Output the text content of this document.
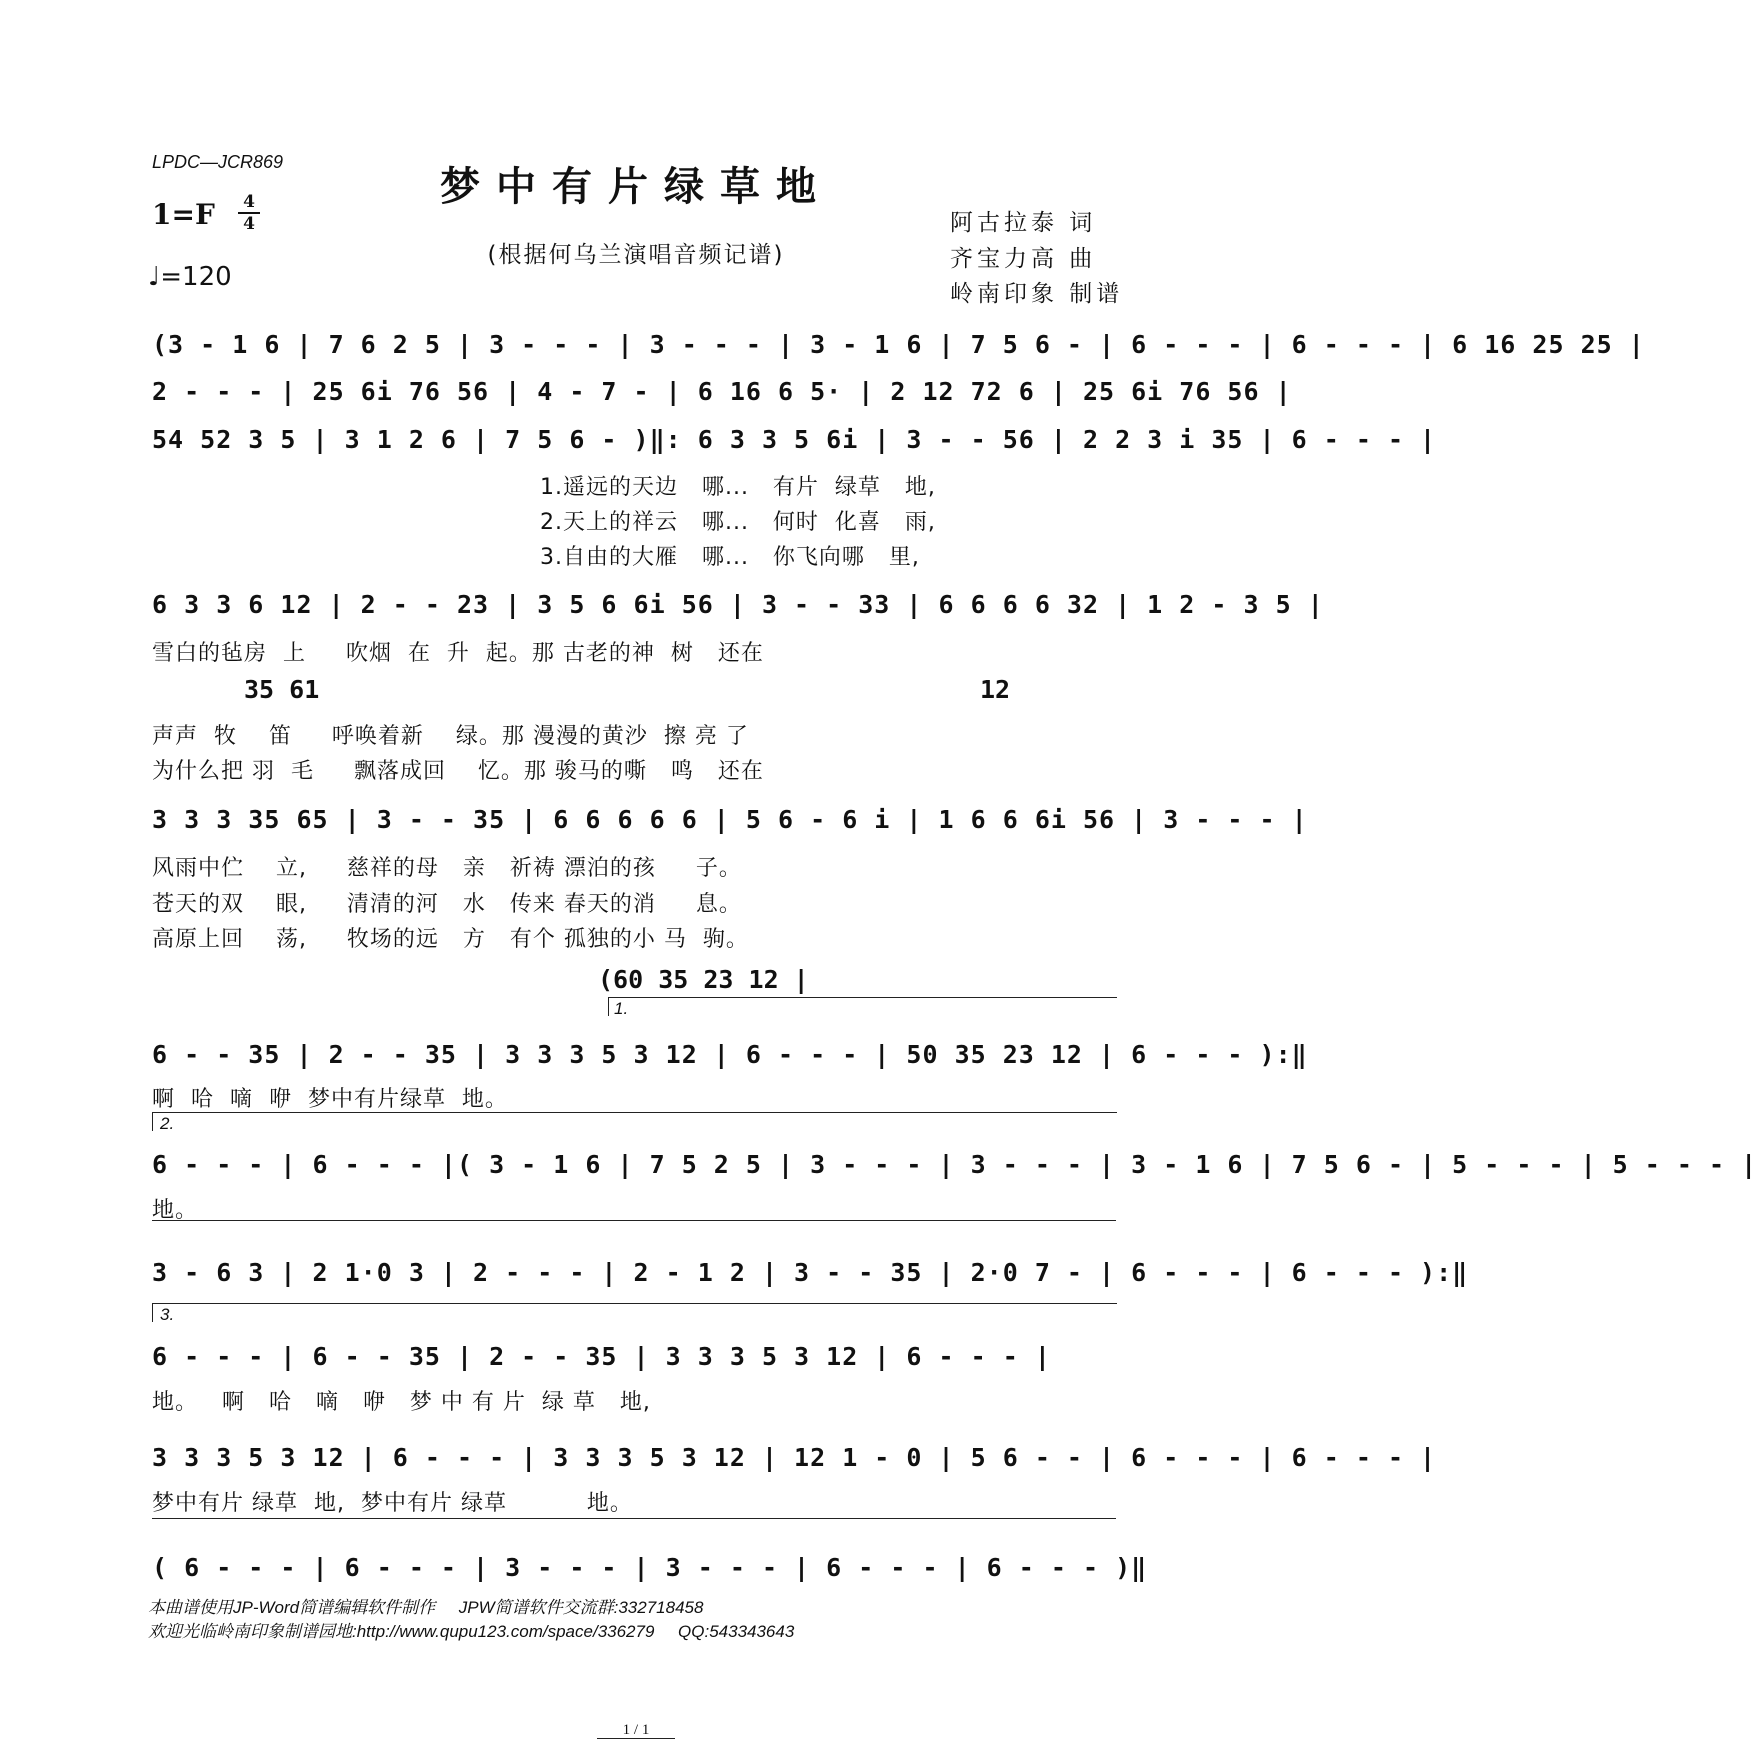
LPDC—JCR869
梦中有片绿草地
(根据何乌兰演唱音频记谱)
1=F 4
4
♩=120
阿古拉泰 词
齐宝力高 曲
岭南印象 制谱
(3 - 1 6 | 7 6 2 5 | 3 - - - | 3 - - - | 3 - 1 6 | 7 5 6 - | 6 - - - | 6 - - - | 6 16 25 25 |
2 - - - | 25 6i 76 56 | 4 - 7 - | 6 16 6 5· | 2 12 72 6 | 25 6i 76 56 |
54 52 3 5 | 3 1 2 6 | 7 5 6 - )‖: 6 3 3 5 6i | 3 - - 56 | 2 2 3 i 35 | 6 - - - |
1.遥远的天边   哪...   有片  绿草   地,
2.天上的祥云   哪...   何时  化喜   雨,
3.自由的大雁   哪...   你飞向哪   里,
6 3 3 6 12 | 2 - - 23 | 3 5 6 6i 56 | 3 - - 33 | 6 6 6 6 32 | 1 2 - 3 5 |
雪白的毡房  上     吹烟  在  升  起。那 古老的神  树   还在
35 61	12
声声  牧    笛     呼唤着新    绿。那 漫漫的黄沙  擦 亮 了
为什么把 羽  毛     飘落成回    忆。那 骏马的嘶   鸣   还在
3 3 3 35 65 | 3 - - 35 | 6 6 6 6 6 | 5 6 - 6 i | 1 6 6 6i 56 | 3 - - - |
风雨中伫    立,     慈祥的母   亲   祈祷 漂泊的孩     子。
苍天的双    眼,     清清的河   水   传来 春天的消     息。
高原上回    荡,     牧场的远   方   有个 孤独的小 马  驹。
(60 35 23 12 |
1.
6 - - 35 | 2 - - 35 | 3 3 3 5 3 12 | 6 - - - | 50 35 23 12 | 6 - - - ):‖
啊  哈  嘀  咿  梦中有片绿草  地。
2.
6 - - - | 6 - - - |( 3 - 1 6 | 7 5 2 5 | 3 - - - | 3 - - - | 3 - 1 6 | 7 5 6 - | 5 - - - | 5 - - - |
地。
3 - 6 3 | 2 1·0 3 | 2 - - - | 2 - 1 2 | 3 - - 35 | 2·0 7 - | 6 - - - | 6 - - - ):‖
3.
6 - - - | 6 - - 35 | 2 - - 35 | 3 3 3 5 3 12 | 6 - - - |
地。   啊   哈   嘀   咿   梦 中 有 片  绿 草   地,
3 3 3 5 3 12 | 6 - - - | 3 3 3 5 3 12 | 12 1 - 0 | 5 6 - - | 6 - - - | 6 - - - |
梦中有片 绿草  地,  梦中有片 绿草          地。
( 6 - - - | 6 - - - | 3 - - - | 3 - - - | 6 - - - | 6 - - - )‖
本曲谱使用JP-Word简谱编辑软件制作     JPW简谱软件交流群:332718458
欢迎光临岭南印象制谱园地:http://www.qupu123.com/space/336279     QQ:543343643
1 / 1
